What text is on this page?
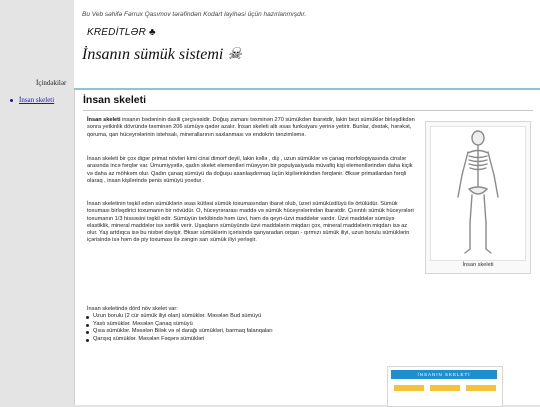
İçindəkilər
İnsan skeleti
Bu Veb səhifə Fərrux Qasımov tərəfindən Kodart layihəsi üçün hazırlanmışdır.
KREDİTLƏR ♣
İnsanın sümük sistemi ☠
İnsan skeleti

İnsan skeleti insanın bədəninin daxili çərçivəsidir. Doğuş zamanı təxminən 270 sümükdən ibarətdir, lakin bezi sümüklər birləşdikdən sonra yetkinlik dövründə təxminən 206 sümüyə qədər azalır. İnsan skeleti altı əsas funksiyanı yerinə yetirir. Bunlar, dəstək, hərəkət, qoruma, qan hüceyrələrinin istehsalı, minerallarının saxlanması və endokrin tənzimləmə.

İnsan skeleti bir çox digər primat növləri kimi cinsi dimorf deyil, lakin kəllə , diş , uzun sümüklər və çanaq morfologiyasında cinslər arasında incə fərqlər var. Ümumiyyətlə, qadın skelet elementləri müəyyən bir populyasiyada müvafiq kişi elementlərindən daha kiçik və daha az möhkəm olur. Qadın çanaq sümüyü da doğuşu asanlaşdırmaq üçün kişilərinkindən fərqlənir. Əksər primatlardan fərqli olaraq , insan kişilərində penis sümüyü yoxdur .

İnsan skeletinin təşkil edən sümüklərin əsas kütləsi sümük toxumasından ibarət olub, üzəri sümüküstlüyü ilə örtülüdür. Sümük toxuması birləşdirici toxumanın bir növüdür. O, hüceyrərarası maddə və sümük hüceyrələrindən ibarətdir. Çıxıntılı sümük hüceyrələri toxumanın 1/3 hissəsini təşkil edir. Sümüyün tərkibində həm üzvi, həm də qeyri-üzvi maddələr vardır. Üzvi maddələr sümüyə elastiklik, mineral maddələr isə sərtlik verir. Uşaqların sümüyündə üzvi maddələrin miqdarı çox, mineral maddələrin miqdarı isə az olur. Yaş artdıqca isə bu nisbət dəyişir. Əksər sümüklərin içərisində qanyaradan orqan - qırmızı sümük iliyi, uzun borulu sümüklərin içərisində isə həm də piy toxuması ilə zəngin sarı sümük iliyi yerləşir.

İnsan skeleti
İnsan skeletində dörd növ skelet var:
Uzun borulu (2 cür sümük iliyi olan) sümüklər. Məsələn Bud sümüyü
Yastı sümüklər. Məsələn Çanaq sümüyü
Qısa sümüklər. Məsələn Bilək və əl darağı sümükləri, barmaq falanqaları
Qarışıq sümüklər. Məsələn Fəqərə sümükləri
İNSANIN SKELETİ
